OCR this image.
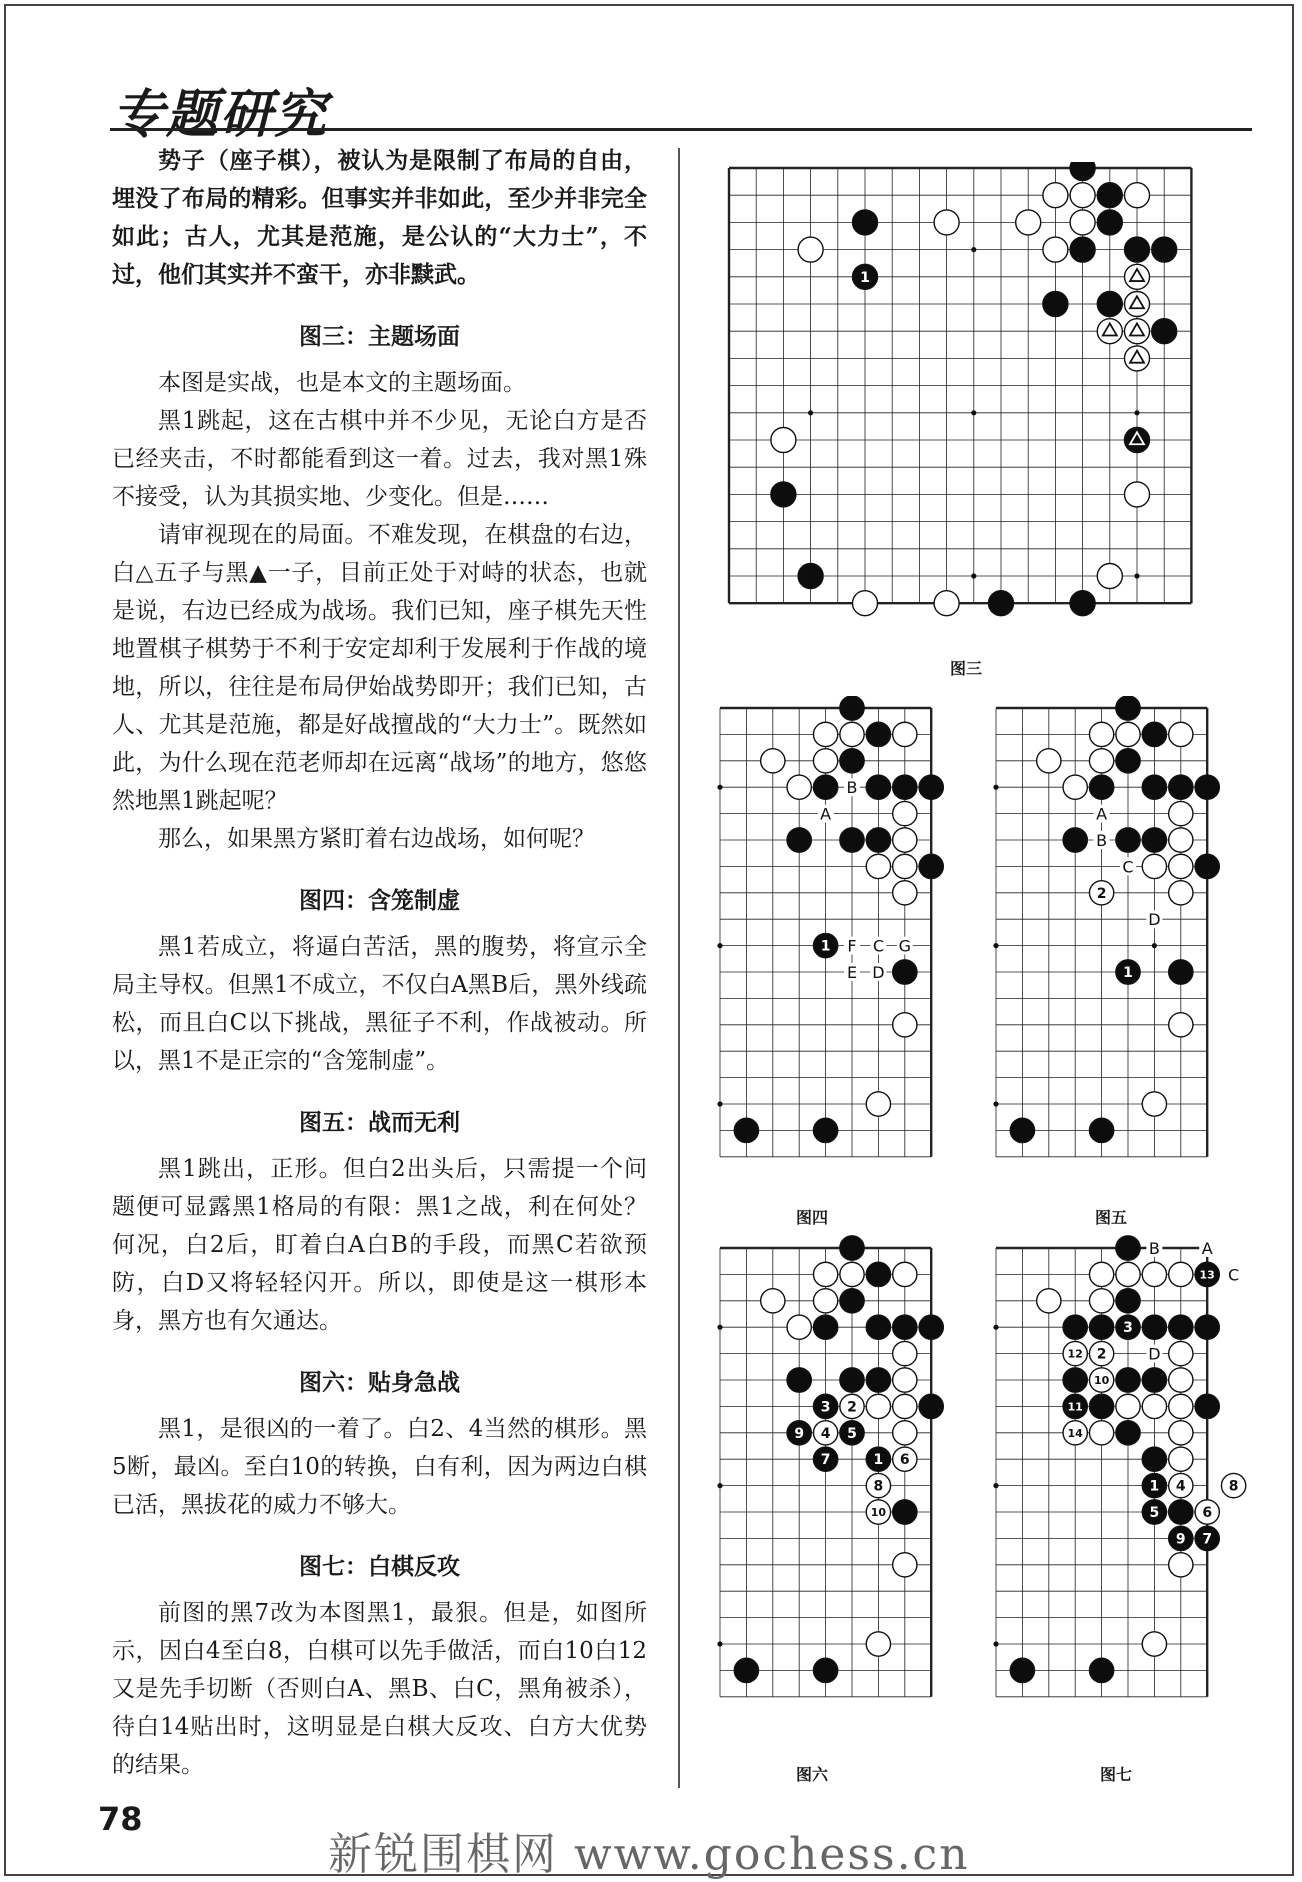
专题研究

势子（座子棋），被认为是限制了布局的自由，埋没了布局的精彩。但事实并非如此，至少并非完全如此；古人，尤其是范施，是公认的“大力士”，不过，他们其实并不蛮干，亦非黩武。

图三：主题场面

本图是实战，也是本文的主题场面。

黑1跳起，这在古棋中并不少见，无论白方是否已经夹击，不时都能看到这一着。过去，我对黑1殊不接受，认为其损实地、少变化。但是……

请审视现在的局面。不难发现，在棋盘的右边，白△五子与黑▲一子，目前正处于对峙的状态，也就是说，右边已经成为战场。我们已知，座子棋先天性地置棋子棋势于不利于安定却利于发展利于作战的境地，所以，往往是布局伊始战势即开；我们已知，古人、尤其是范施，都是好战擅战的“大力士”。既然如此，为什么现在范老师却在远离“战场”的地方，悠悠然地黑1跳起呢？

那么，如果黑方紧盯着右边战场，如何呢？

图四：含笼制虚

黑1若成立，将逼白苦活，黑的腹势，将宣示全局主导权。但黑1不成立，不仅白A黑B后，黑外线疏松，而且白C以下挑战，黑征子不利，作战被动。所以，黑1不是正宗的“含笼制虚”。

图五：战而无利

黑1跳出，正形。但白2出头后，只需提一个问题便可显露黑1格局的有限：黑1之战，利在何处？何况，白2后，盯着白A白B的手段，而黑C若欲预防，白D又将轻轻闪开。所以，即使是这一棋形本身，黑方也有欠通达。

图六：贴身急战

黑1，是很凶的一着了。白2、4当然的棋形。黑5断，最凶。至白10的转换，白有利，因为两边白棋已活，黑拔花的威力不够大。

图七：白棋反攻

前图的黑7改为本图黑1，最狠。但是，如图所示，因白4至白8，白棋可以先手做活，而白10白12又是先手切断（否则白A、黑B、白C，黑角被杀），待白14贴出时，这明显是白棋大反攻、白方大优势的结果。

1
图三
B
A
F C G
E D
1
图四
A
B
C
D
2
1
图五
3 2
9 4 5
7	1 6
8
10
图六
B	A
C
D
13
3
12 2
10
11
14
1 4	8
5	6
9 7
图七
78
新锐围棋网 www.gochess.cn
